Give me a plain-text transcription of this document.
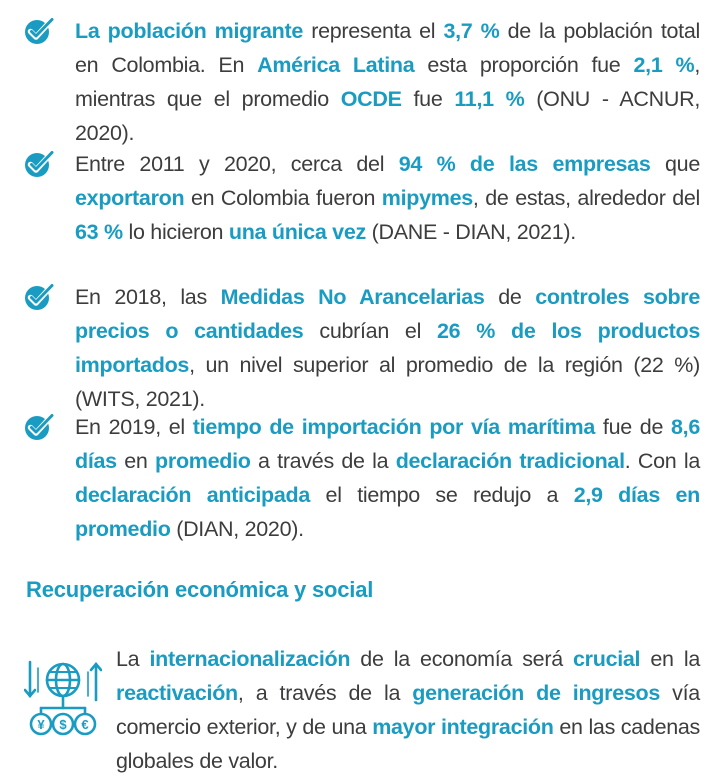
La población migrante representa el 3,7 % de la población total en Colombia. En América Latina esta proporción fue 2,1 %, mientras que el promedio OCDE fue 11,1 % (ONU - ACNUR, 2020).
Entre 2011 y 2020, cerca del 94 % de las empresas que exportaron en Colombia fueron mipymes, de estas, alrededor del 63 % lo hicieron una única vez (DANE - DIAN, 2021).
En 2018, las Medidas No Arancelarias de controles sobre precios o cantidades cubrían el 26 % de los productos importados, un nivel superior al promedio de la región (22 %) (WITS, 2021).
En 2019, el tiempo de importación por vía marítima fue de 8,6 días en promedio a través de la declaración tradicional. Con la declaración anticipada el tiempo se redujo a 2,9 días en promedio (DIAN, 2020).
Recuperación económica y social
¥ $ €
La internacionalización de la economía será crucial en la reactivación, a través de la generación de ingresos vía comercio exterior, y de una mayor integración en las cadenas globales de valor.
